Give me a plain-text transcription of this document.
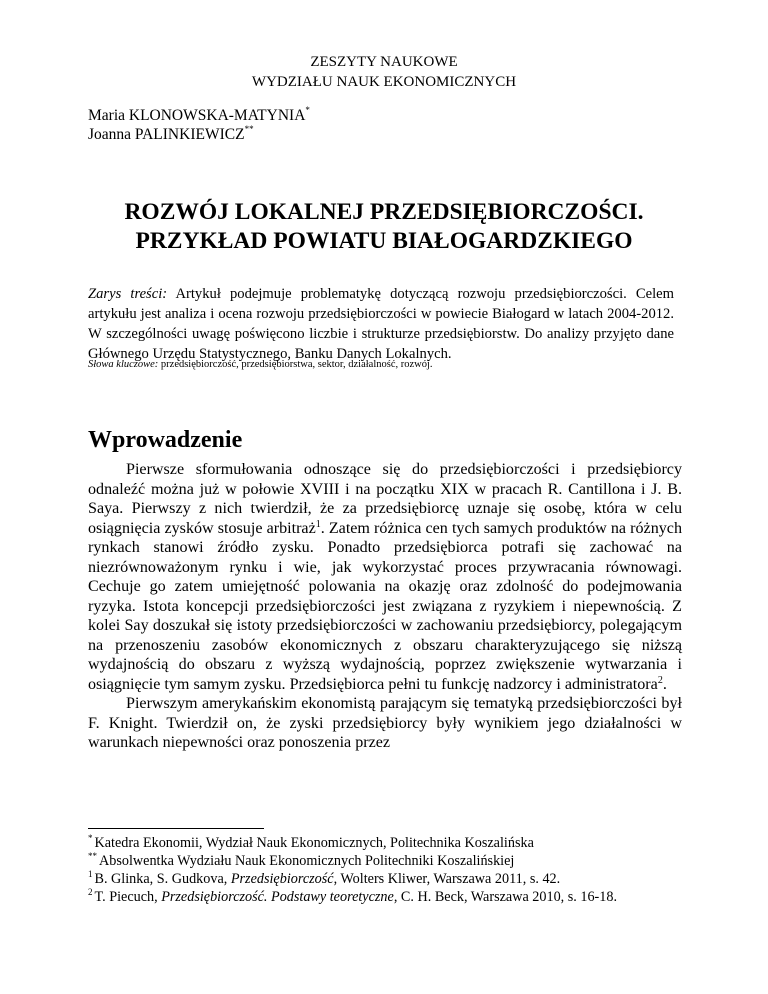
ZESZYTY NAUKOWE
WYDZIAŁU NAUK EKONOMICZNYCH
Maria KLONOWSKA-MATYNIA*
Joanna PALINKIEWICZ**
ROZWÓJ LOKALNEJ PRZEDSIĘBIORCZOŚCI.
PRZYKŁAD POWIATU BIAŁOGARDZKIEGO
Zarys treści: Artykuł podejmuje problematykę dotyczącą rozwoju przedsiębiorczości. Celem artykułu jest analiza i ocena rozwoju przedsiębiorczości w powiecie Białogard w latach 2004-2012. W szczególności uwagę poświęcono liczbie i strukturze przedsiębiorstw. Do analizy przyjęto dane Głównego Urzędu Statystycznego, Banku Danych Lokalnych.
Słowa kluczowe: przedsiębiorczość, przedsiębiorstwa, sektor, działalność, rozwój.
Wprowadzenie

Pierwsze sformułowania odnoszące się do przedsiębiorczości i przedsiębiorcy odnaleźć można już w połowie XVIII i na początku XIX w pracach R. Cantillona i J. B. Saya. Pierwszy z nich twierdził, że za przedsiębiorcę uznaje się osobę, która w celu osiągnięcia zysków stosuje arbitraż$^1$. Zatem różnica cen tych samych produktów na różnych rynkach stanowi źródło zysku. Ponadto przedsiębiorca potrafi się zachować na niezrównoważonym rynku i wie, jak wykorzystać proces przywracania równowagi. Cechuje go zatem umiejętność polowania na okazję oraz zdolność do podejmowania ryzyka. Istota koncepcji przedsiębiorczości jest związana z ryzykiem i niepewnością. Z kolei Say doszukał się istoty przedsiębiorczości w zachowaniu przedsiębiorcy, polegającym na przenoszeniu zasobów ekonomicznych z obszaru charakteryzującego się niższą wydajnością do obszaru z wyższą wydajnością, poprzez zwiększenie wytwarzania i osiągnięcie tym samym zysku. Przedsiębiorca pełni tu funkcję nadzorcy i administratora$^2$.

Pierwszym amerykańskim ekonomistą parającym się tematyką przedsiębiorczości był F. Knight. Twierdził on, że zyski przedsiębiorcy były wynikiem jego działalności w warunkach niepewności oraz ponoszenia przez

* Katedra Ekonomii, Wydział Nauk Ekonomicznych, Politechnika Koszalińska
** Absolwentka Wydziału Nauk Ekonomicznych Politechniki Koszalińskiej
$^1$ B. Glinka, S. Gudkova, Przedsiębiorczość, Wolters Kliwer, Warszawa 2011, s. 42.
$^2$ T. Piecuch, Przedsiębiorczość. Podstawy teoretyczne, C. H. Beck, Warszawa 2010, s. 16-18.
